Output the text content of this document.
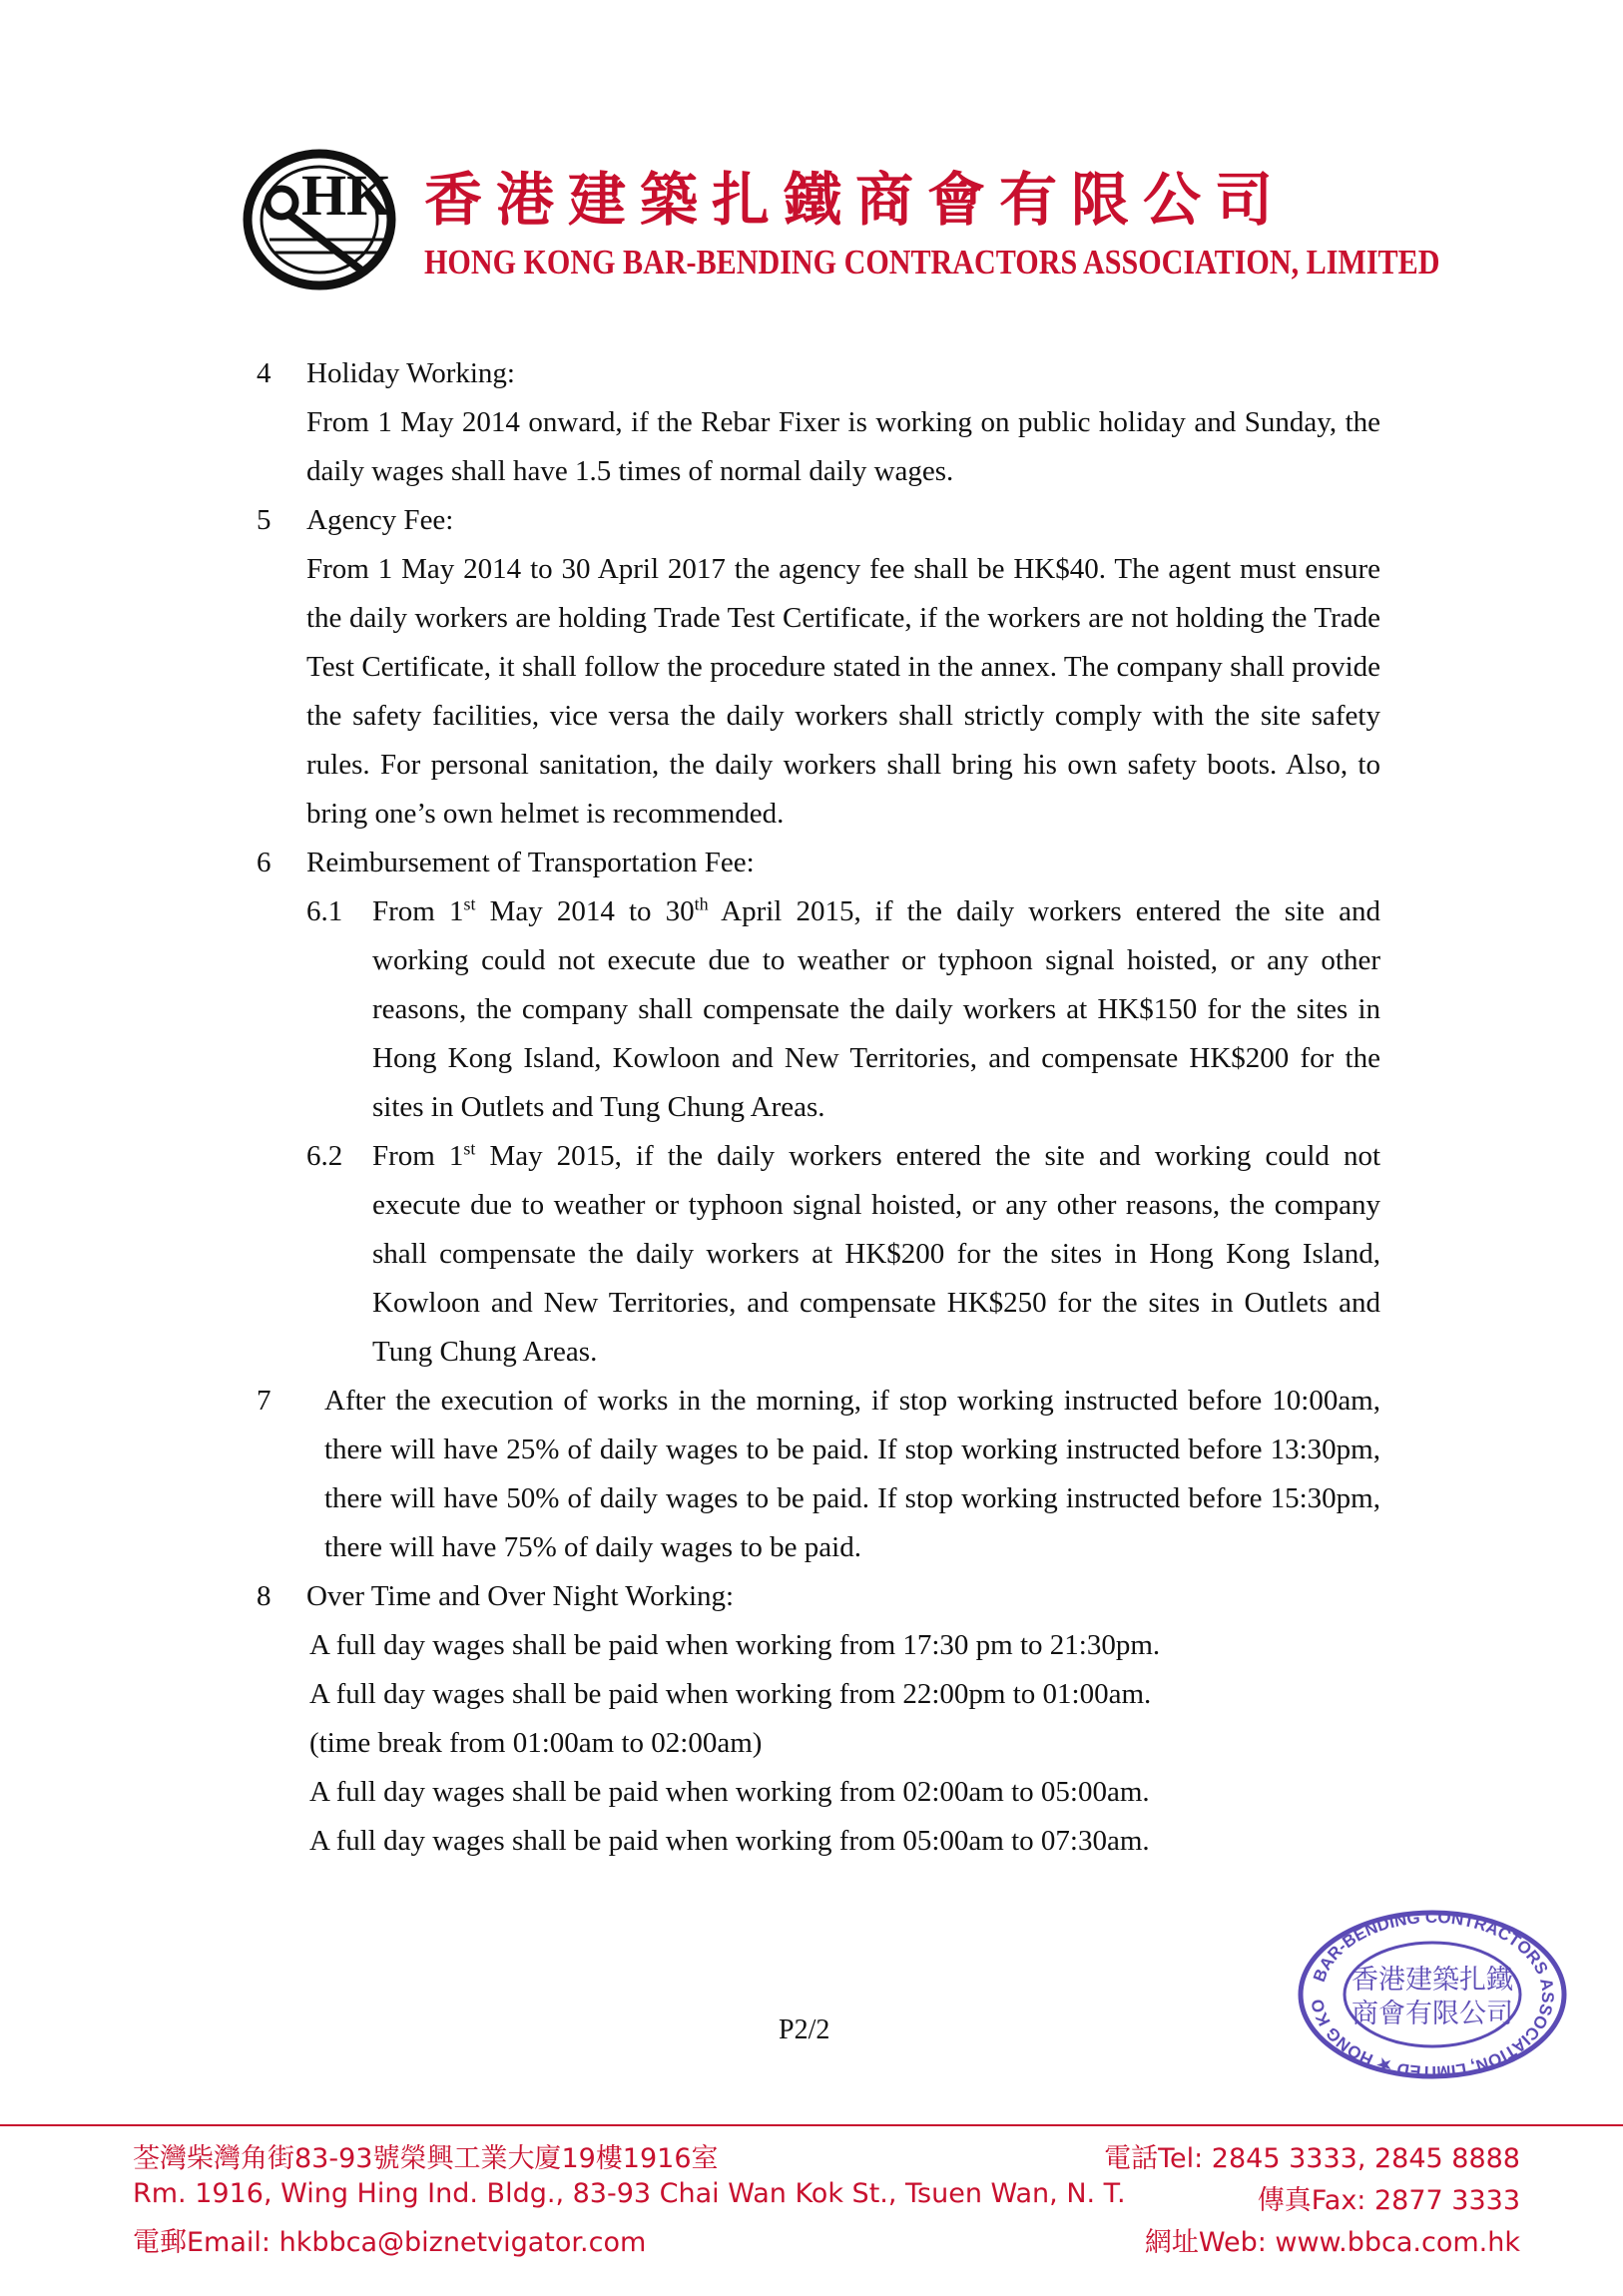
HK 香港建築扎鐵商會有限公司
HONG KONG BAR-BENDING CONTRACTORS ASSOCIATION, LIMITED
4 Holiday Working:
From 1 May 2014 onward, if the Rebar Fixer is working on public holiday and Sunday, the daily wages shall have 1.5 times of normal daily wages.
5 Agency Fee:
From 1 May 2014 to 30 April 2017 the agency fee shall be HK$40. The agent must ensure the daily workers are holding Trade Test Certificate, if the workers are not holding the Trade Test Certificate, it shall follow the procedure stated in the annex. The company shall provide the safety facilities, vice versa the daily workers shall strictly comply with the site safety rules. For personal sanitation, the daily workers shall bring his own safety boots. Also, to bring one’s own helmet is recommended.
6 Reimbursement of Transportation Fee:
6.1 From 1st May 2014 to 30th April 2015, if the daily workers entered the site and working could not execute due to weather or typhoon signal hoisted, or any other reasons, the company shall compensate the daily workers at HK$150 for the sites in Hong Kong Island, Kowloon and New Territories, and compensate HK$200 for the sites in Outlets and Tung Chung Areas.
6.2 From 1st May 2015, if the daily workers entered the site and working could not execute due to weather or typhoon signal hoisted, or any other reasons, the company shall compensate the daily workers at HK$200 for the sites in Hong Kong Island, Kowloon and New Territories, and compensate HK$250 for the sites in Outlets and Tung Chung Areas.
7 After the execution of works in the morning, if stop working instructed before 10:00am, there will have 25% of daily wages to be paid. If stop working instructed before 13:30pm, there will have 50% of daily wages to be paid. If stop working instructed before 15:30pm, there will have 75% of daily wages to be paid.
8 Over Time and Over Night Working:
A full day wages shall be paid when working from 17:30 pm to 21:30pm.
A full day wages shall be paid when working from 22:00pm to 01:00am.
(time break from 01:00am to 02:00am)
A full day wages shall be paid when working from 02:00am to 05:00am.
A full day wages shall be paid when working from 05:00am to 07:30am.
BAR-BENDING CONTRACTORS ASSOCIATION, LIMITED ★ HONG KO
香港建築扎鐵
商會有限公司
P2/2
荃灣柴灣角街83-93號榮興工業大廈19樓1916室	電話Tel: 2845 3333, 2845 8888
Rm. 1916, Wing Hing Ind. Bldg., 83-93 Chai Wan Kok St., Tsuen Wan, N. T.	傳真Fax: 2877 3333
電郵Email: hkbbca@biznetvigator.com	網址Web: www.bbca.com.hk
